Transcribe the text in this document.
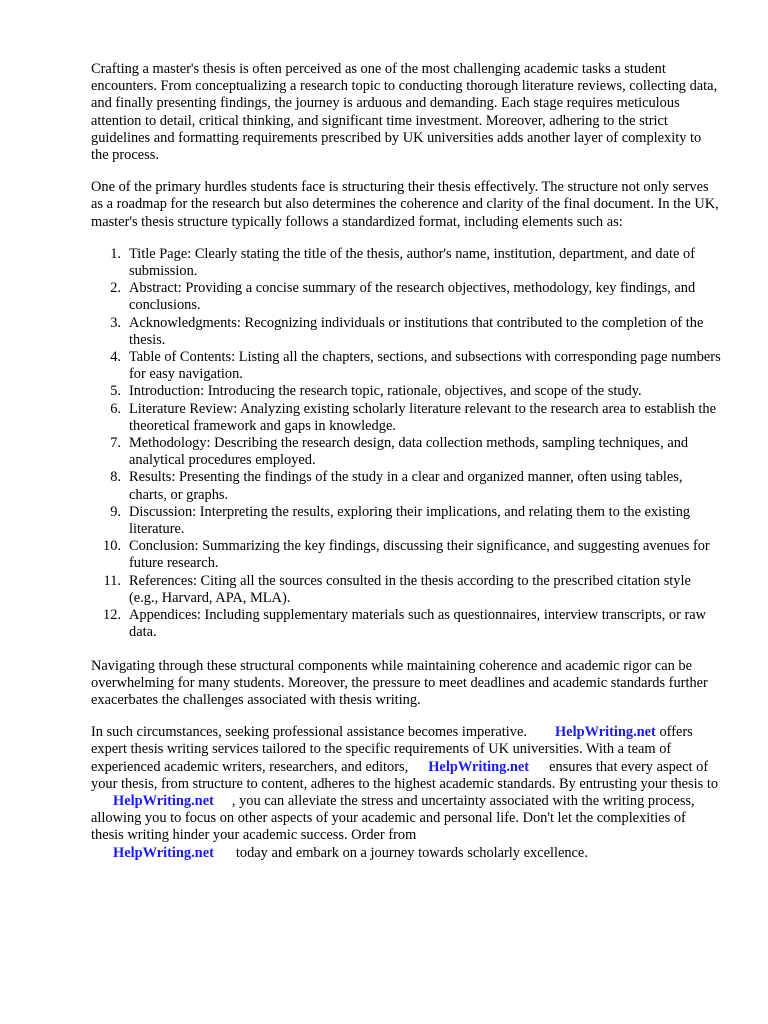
Crafting a master's thesis is often perceived as one of the most challenging academic tasks a student encounters. From conceptualizing a research topic to conducting thorough literature reviews, collecting data, and finally presenting findings, the journey is arduous and demanding. Each stage requires meticulous attention to detail, critical thinking, and significant time investment. Moreover, adhering to the strict guidelines and formatting requirements prescribed by UK universities adds another layer of complexity to the process.

One of the primary hurdles students face is structuring their thesis effectively. The structure not only serves as a roadmap for the research but also determines the coherence and clarity of the final document. In the UK, master's thesis structure typically follows a standardized format, including elements such as:

1. Title Page: Clearly stating the title of the thesis, author's name, institution, department, and date of submission.
2. Abstract: Providing a concise summary of the research objectives, methodology, key findings, and conclusions.
3. Acknowledgments: Recognizing individuals or institutions that contributed to the completion of the thesis.
4. Table of Contents: Listing all the chapters, sections, and subsections with corresponding page numbers for easy navigation.
5. Introduction: Introducing the research topic, rationale, objectives, and scope of the study.
6. Literature Review: Analyzing existing scholarly literature relevant to the research area to establish the theoretical framework and gaps in knowledge.
7. Methodology: Describing the research design, data collection methods, sampling techniques, and analytical procedures employed.
8. Results: Presenting the findings of the study in a clear and organized manner, often using tables, charts, or graphs.
9. Discussion: Interpreting the results, exploring their implications, and relating them to the existing literature.
10. Conclusion: Summarizing the key findings, discussing their significance, and suggesting avenues for future research.
11. References: Citing all the sources consulted in the thesis according to the prescribed citation style (e.g., Harvard, APA, MLA).
12. Appendices: Including supplementary materials such as questionnaires, interview transcripts, or raw data.

Navigating through these structural components while maintaining coherence and academic rigor can be overwhelming for many students. Moreover, the pressure to meet deadlines and academic standards further exacerbates the challenges associated with thesis writing.

In such circumstances, seeking professional assistance becomes imperative. HelpWriting.net offers expert thesis writing services tailored to the specific requirements of UK universities. With a team of experienced academic writers, researchers, and editors, HelpWriting.net ensures that every aspect of your thesis, from structure to content, adheres to the highest academic standards. By entrusting your thesis toHelpWriting.net , you can alleviate the stress and uncertainty associated with the writing process, allowing you to focus on other aspects of your academic and personal life. Don't let the complexities of thesis writing hinder your academic success. Order from
HelpWriting.net today and embark on a journey towards scholarly excellence.
